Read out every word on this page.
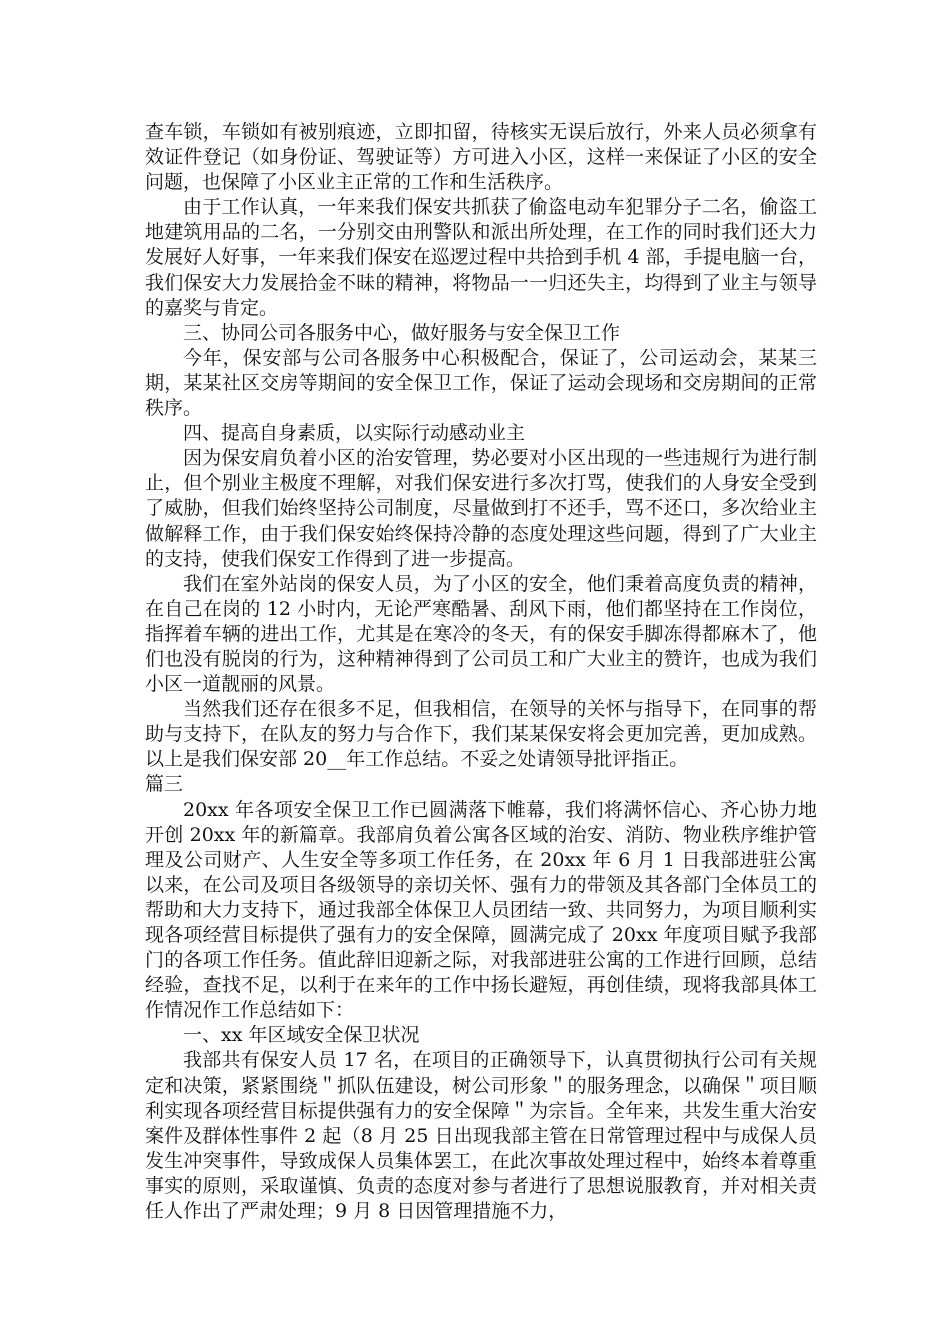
查车锁，车锁如有被别痕迹，立即扣留，待核实无误后放行，外来人员必须拿有效证件登记（如身份证、驾驶证等）方可进入小区，这样一来保证了小区的安全问题，也保障了小区业主正常的工作和生活秩序。

由于工作认真，一年来我们保安共抓获了偷盗电动车犯罪分子二名，偷盗工地建筑用品的二名，一分别交由刑警队和派出所处理，在工作的同时我们还大力发展好人好事，一年来我们保安在巡逻过程中共拾到手机 4 部，手提电脑一台，我们保安大力发展拾金不昧的精神，将物品一一归还失主，均得到了业主与领导的嘉奖与肯定。

三、协同公司各服务中心，做好服务与安全保卫工作

今年，保安部与公司各服务中心积极配合，保证了，公司运动会，某某三期，某某社区交房等期间的安全保卫工作，保证了运动会现场和交房期间的正常秩序。

四、提高自身素质，以实际行动感动业主

因为保安肩负着小区的治安管理，势必要对小区出现的一些违规行为进行制止，但个别业主极度不理解，对我们保安进行多次打骂，使我们的人身安全受到了威胁，但我们始终坚持公司制度，尽量做到打不还手，骂不还口，多次给业主做解释工作，由于我们保安始终保持冷静的态度处理这些问题，得到了广大业主的支持，使我们保安工作得到了进一步提高。

我们在室外站岗的保安人员，为了小区的安全，他们秉着高度负责的精神，在自己在岗的 12 小时内，无论严寒酷暑、刮风下雨，他们都坚持在工作岗位，指挥着车辆的进出工作，尤其是在寒冷的冬天，有的保安手脚冻得都麻木了，他们也没有脱岗的行为，这种精神得到了公司员工和广大业主的赞许，也成为我们小区一道靓丽的风景。

当然我们还存在很多不足，但我相信，在领导的关怀与指导下，在同事的帮助与支持下，在队友的努力与合作下，我们某某保安将会更加完善，更加成熟。以上是我们保安部 20__年工作总结。不妥之处请领导批评指正。

篇三

20xx 年各项安全保卫工作已圆满落下帷幕，我们将满怀信心、齐心协力地开创 20xx 年的新篇章。我部肩负着公寓各区域的治安、消防、物业秩序维护管理及公司财产、人生安全等多项工作任务，在 20xx 年 6 月 1 日我部进驻公寓以来，在公司及项目各级领导的亲切关怀、强有力的带领及其各部门全体员工的帮助和大力支持下，通过我部全体保卫人员团结一致、共同努力，为项目顺利实现各项经营目标提供了强有力的安全保障，圆满完成了 20xx 年度项目赋予我部门的各项工作任务。值此辞旧迎新之际，对我部进驻公寓的工作进行回顾，总结经验，查找不足，以利于在来年的工作中扬长避短，再创佳绩，现将我部具体工作情况作工作总结如下：

一、xx 年区域安全保卫状况

我部共有保安人员 17 名，在项目的正确领导下，认真贯彻执行公司有关规定和决策，紧紧围绕＂抓队伍建设，树公司形象＂的服务理念，以确保＂项目顺利实现各项经营目标提供强有力的安全保障＂为宗旨。全年来，共发生重大治安案件及群体性事件 2 起（8 月 25 日出现我部主管在日常管理过程中与成保人员发生冲突事件，导致成保人员集体罢工，在此次事故处理过程中，始终本着尊重事实的原则，采取谨慎、负责的态度对参与者进行了思想说服教育，并对相关责任人作出了严肃处理；9 月 8 日因管理措施不力，
